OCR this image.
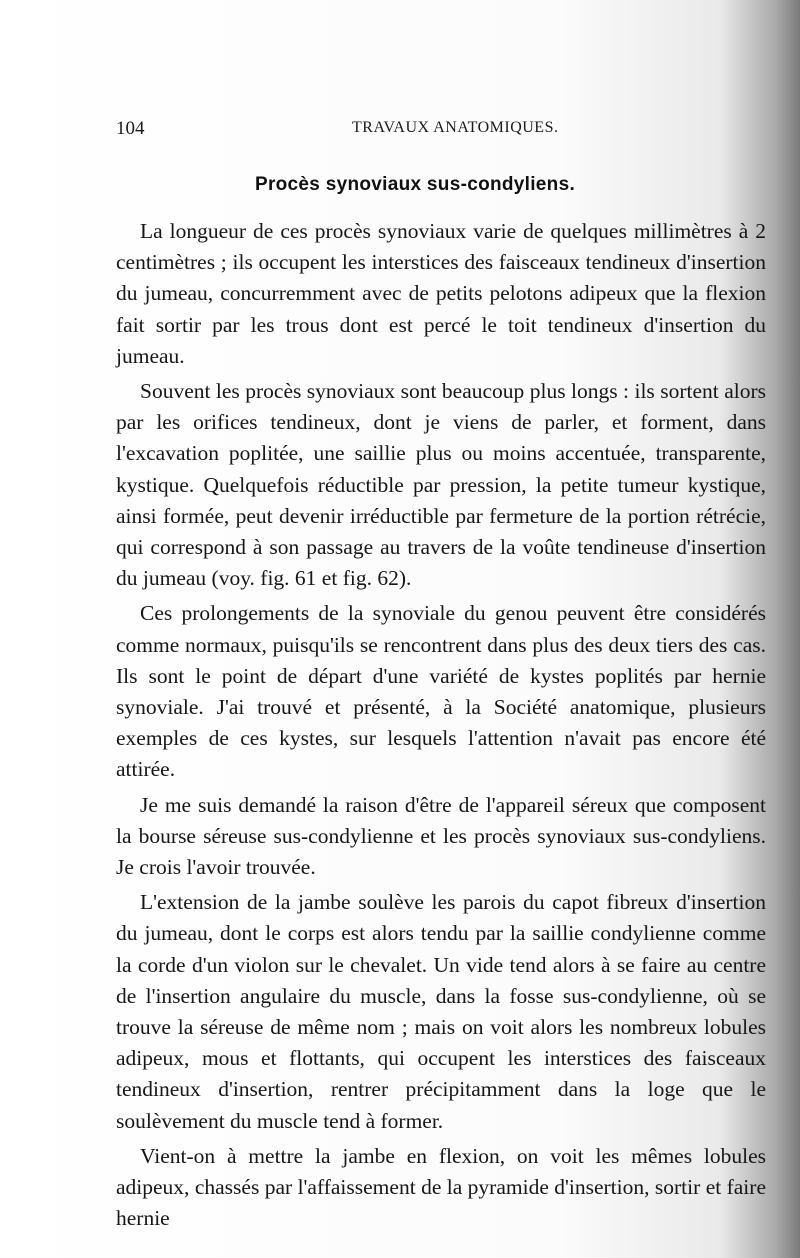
104	TRAVAUX ANATOMIQUES.
Procès synoviaux sus-condyliens.

La longueur de ces procès synoviaux varie de quelques millimètres à 2 centimètres ; ils occupent les interstices des faisceaux tendineux d'insertion du jumeau, concurremment avec de petits pelotons adipeux que la flexion fait sortir par les trous dont est percé le toit tendineux d'insertion du jumeau.

Souvent les procès synoviaux sont beaucoup plus longs : ils sortent alors par les orifices tendineux, dont je viens de parler, et forment, dans l'excavation poplitée, une saillie plus ou moins accentuée, transparente, kystique. Quelquefois réductible par pression, la petite tumeur kystique, ainsi formée, peut devenir irréductible par fermeture de la portion rétrécie, qui correspond à son passage au travers de la voûte tendineuse d'insertion du jumeau (voy. fig. 61 et fig. 62).

Ces prolongements de la synoviale du genou peuvent être considérés comme normaux, puisqu'ils se rencontrent dans plus des deux tiers des cas. Ils sont le point de départ d'une variété de kystes poplités par hernie synoviale. J'ai trouvé et présenté, à la Société anatomique, plusieurs exemples de ces kystes, sur lesquels l'attention n'avait pas encore été attirée.

Je me suis demandé la raison d'être de l'appareil séreux que composent la bourse séreuse sus-condylienne et les procès synoviaux sus-condyliens. Je crois l'avoir trouvée.

L'extension de la jambe soulève les parois du capot fibreux d'insertion du jumeau, dont le corps est alors tendu par la saillie condylienne comme la corde d'un violon sur le chevalet. Un vide tend alors à se faire au centre de l'insertion angulaire du muscle, dans la fosse sus-condylienne, où se trouve la séreuse de même nom ; mais on voit alors les nombreux lobules adipeux, mous et flottants, qui occupent les interstices des faisceaux tendineux d'insertion, rentrer précipitamment dans la loge que le soulèvement du muscle tend à former.

Vient-on à mettre la jambe en flexion, on voit les mêmes lobules adipeux, chassés par l'affaissement de la pyramide d'insertion, sortir et faire hernie
